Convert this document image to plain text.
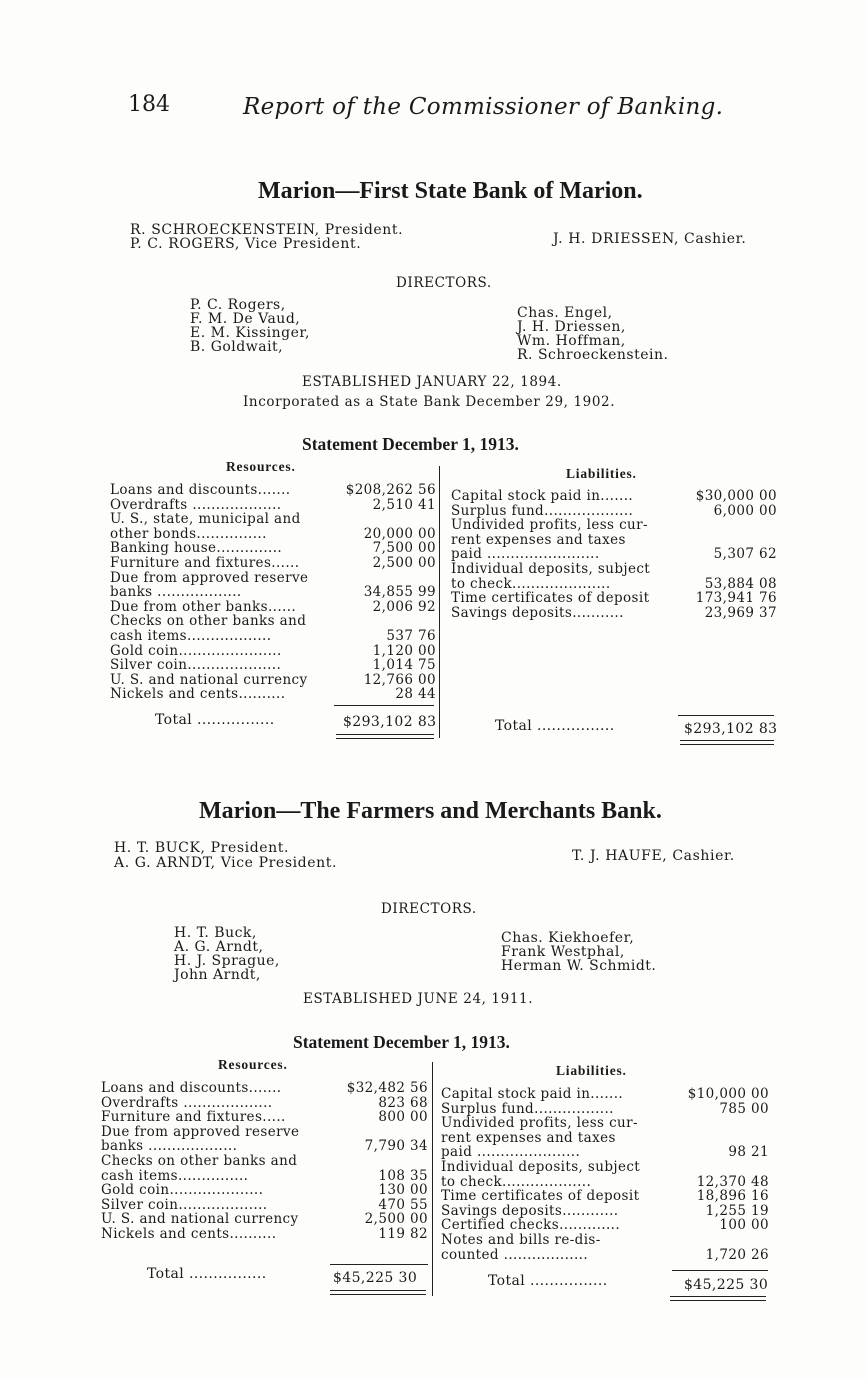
184	Report of the Commissioner of Banking.
Marion—First State Bank of Marion.
R. SCHROECKENSTEIN, President.
P. C. ROGERS, Vice President.	J. H. DRIESSEN, Cashier.
DIRECTORS.
P. C. Rogers,
F. M. De Vaud,
E. M. Kissinger,
B. Goldwait,
Chas. Engel,
J. H. Driessen,
Wm. Hoffman,
R. Schroeckenstein.
ESTABLISHED JANUARY 22, 1894.
Incorporated as a State Bank December 29, 1902.
Statement December 1, 1913.
Resources.	Liabilities.
Loans and discounts.......	$208,262 56
Overdrafts ...................	2,510 41
U. S., state, municipal and
other bonds...............	20,000 00
Banking house..............	7,500 00
Furniture and fixtures......	2,500 00
Due from approved reserve
banks ..................	34,855 99
Due from other banks......	2,006 92
Checks on other banks and
cash items..................	537 76
Gold coin......................	1,120 00
Silver coin....................	1,014 75
U. S. and national currency	12,766 00
Nickels and cents..........	28 44
Capital stock paid in.......	$30,000 00
Surplus fund...................	6,000 00
Undivided profits, less cur-
rent expenses and taxes
paid ........................	5,307 62
Individual deposits, subject
to check.....................	53,884 08
Time certificates of deposit	173,941 76
Savings deposits...........	23,969 37
Total ................	$293,102 83	Total ................	$293,102 83
Marion—The Farmers and Merchants Bank.
H. T. BUCK, President.
A. G. ARNDT, Vice President.	T. J. HAUFE, Cashier.
DIRECTORS.
H. T. Buck,
A. G. Arndt,
H. J. Sprague,
John Arndt,
Chas. Kiekhoefer,
Frank Westphal,
Herman W. Schmidt.
ESTABLISHED JUNE 24, 1911.
Statement December 1, 1913.
Resources.	Liabilities.
Loans and discounts.......	$32,482 56
Overdrafts ...................	823 68
Furniture and fixtures.....	800 00
Due from approved reserve
banks ...................	7,790 34
Checks on other banks and
cash items...............	108 35
Gold coin....................	130 00
Silver coin...................	470 55
U. S. and national currency	2,500 00
Nickels and cents..........	119 82
Capital stock paid in.......	$10,000 00
Surplus fund.................	785 00
Undivided profits, less cur-
rent expenses and taxes
paid ......................	98 21
Individual deposits, subject
to check...................	12,370 48
Time certificates of deposit	18,896 16
Savings deposits............	1,255 19
Certified checks.............	100 00
Notes and bills re-dis-
counted ..................	1,720 26
Total ................	$45,225 30	Total ................	$45,225 30
